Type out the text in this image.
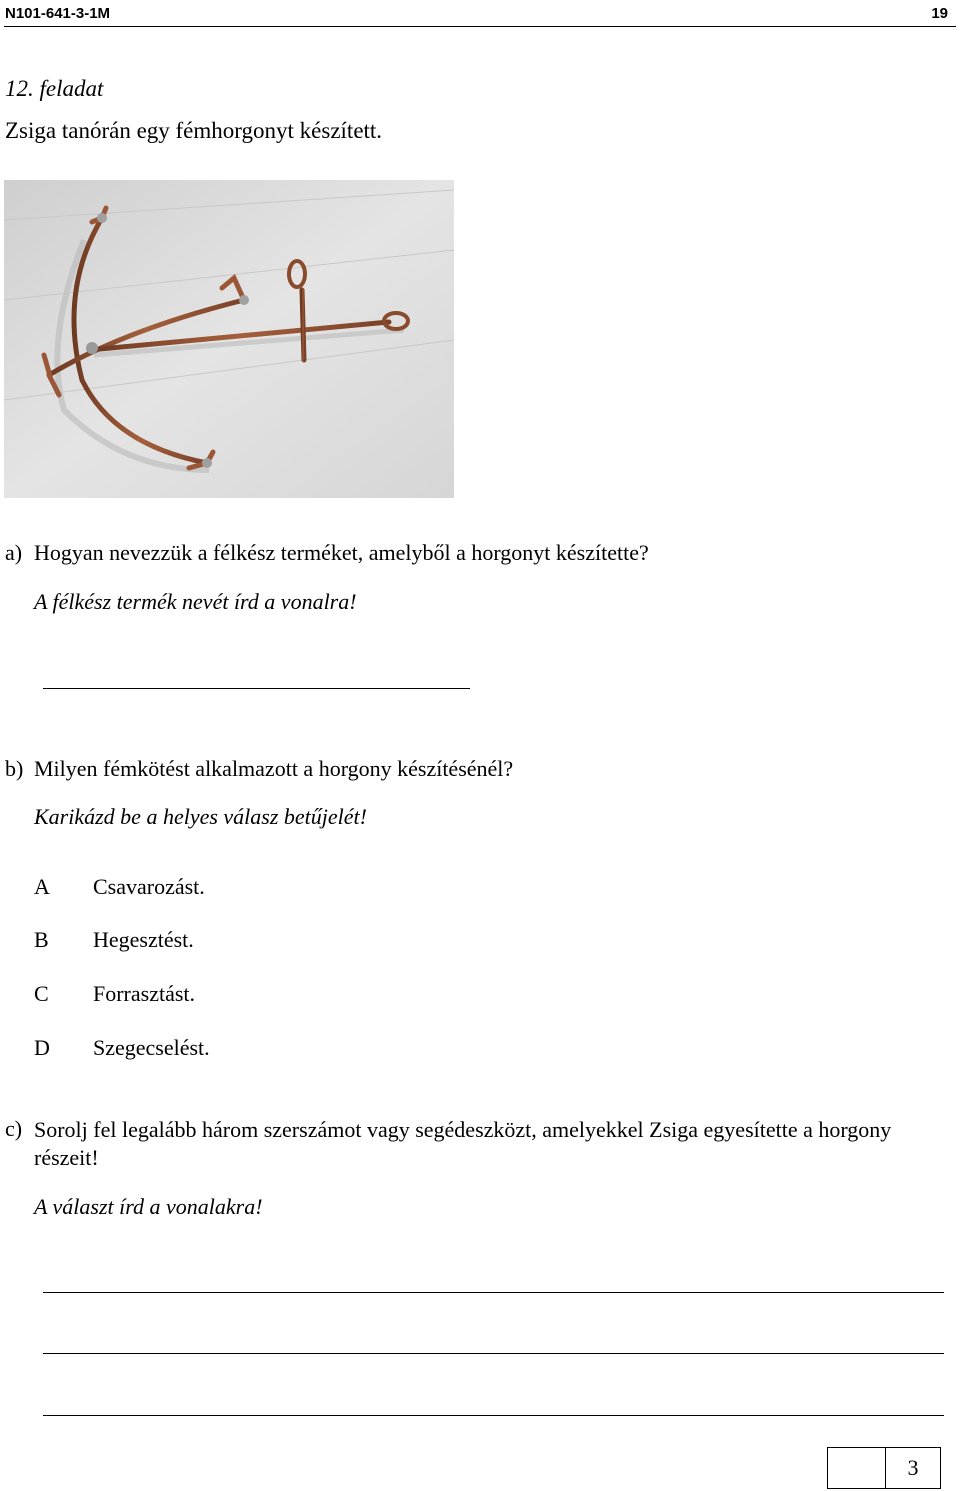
N101-641-3-1M	19
12. feladat
Zsiga tanórán egy fémhorgonyt készített.
a) Hogyan nevezzük a félkész terméket, amelyből a horgonyt készítette?
A félkész termék nevét írd a vonalra!
b) Milyen fémkötést alkalmazott a horgony készítésénél?
Karikázd be a helyes válasz betűjelét!
A Csavarozást.
B Hegesztést.
C Forrasztást.
D Szegecselést.
c) Sorolj fel legalább három szerszámot vagy segédeszközt, amelyekkel Zsiga egyesítette a horgony részeit!
A választ írd a vonalakra!
3
